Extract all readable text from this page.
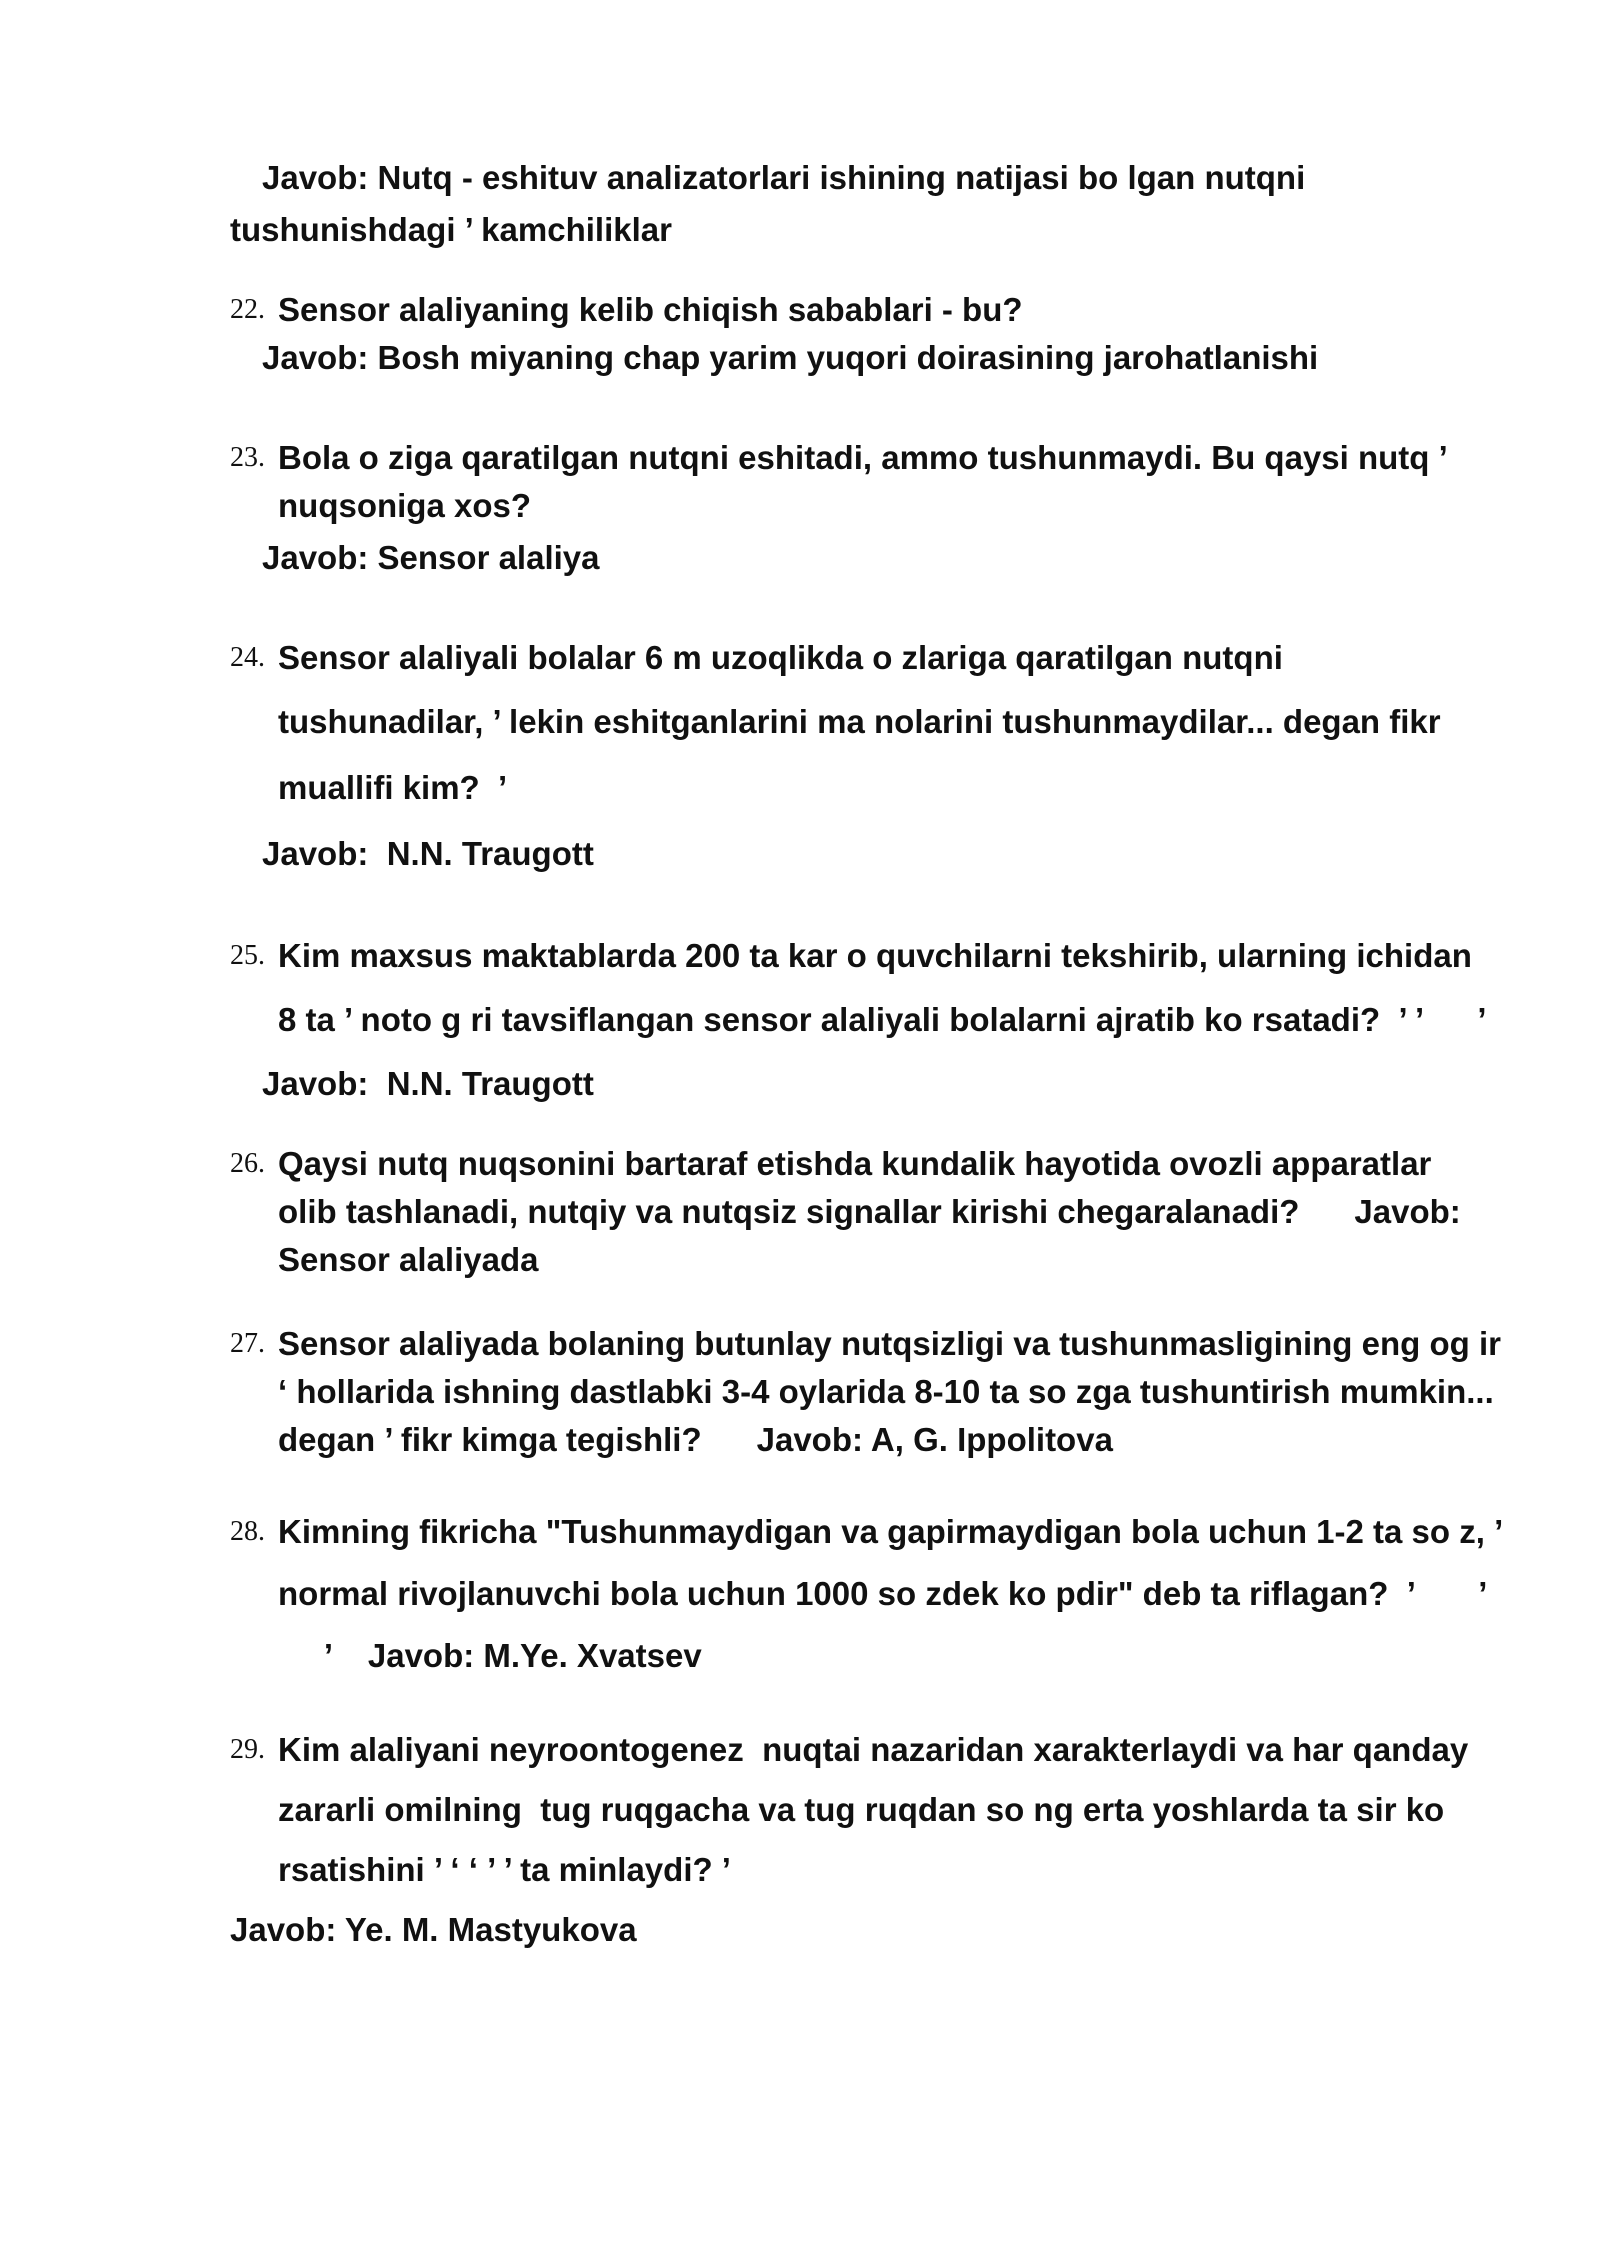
Javob: Nutq - eshituv analizatorlari ishining natijasi bo lgan nutqni
tushunishdagi ’ kamchiliklar
22. Sensor alaliyaning kelib chiqish sabablari - bu?
Javob: Bosh miyaning chap yarim yuqori doirasining jarohatlanishi
23. Bola o ziga qaratilgan nutqni eshitadi, ammo tushunmaydi. Bu qaysi nutq ’
nuqsoniga xos?
Javob: Sensor alaliya
24. Sensor alaliyali bolalar 6 m uzoqlikda o zlariga qaratilgan nutqni
tushunadilar, ’ lekin eshitganlarini ma nolarini tushunmaydilar... degan fikr
muallifi kim?  ’
Javob:  N.N. Traugott
25. Kim maxsus maktablarda 200 ta kar o quvchilarni tekshirib, ularning ichidan
8 ta ’ noto g ri tavsiflangan sensor alaliyali bolalarni ajratib ko rsatadi?  ’ ’      ’
Javob:  N.N. Traugott
26. Qaysi nutq nuqsonini bartaraf etishda kundalik hayotida ovozli apparatlar
olib tashlanadi, nutqiy va nutqsiz signallar kirishi chegaralanadi?      Javob:
Sensor alaliyada
27. Sensor alaliyada bolaning butunlay nutqsizligi va tushunmasligining eng og ir
‘ hollarida ishning dastlabki 3-4 oylarida 8-10 ta so zga tushuntirish mumkin...
degan ’ fikr kimga tegishli?      Javob: A, G. Ippolitova
28. Kimning fikricha "Tushunmaydigan va gapirmaydigan bola uchun 1-2 ta so z, ’
normal rivojlanuvchi bola uchun 1000 so zdek ko pdir" deb ta riflagan?  ’       ’
’    Javob: M.Ye. Xvatsev
29. Kim alaliyani neyroontogenez  nuqtai nazaridan xarakterlaydi va har qanday
zararli omilning  tug ruqgacha va tug ruqdan so ng erta yoshlarda ta sir ko
rsatishini ’ ‘ ‘ ’ ’ ta minlaydi? ’
Javob: Ye. M. Mastyukova
